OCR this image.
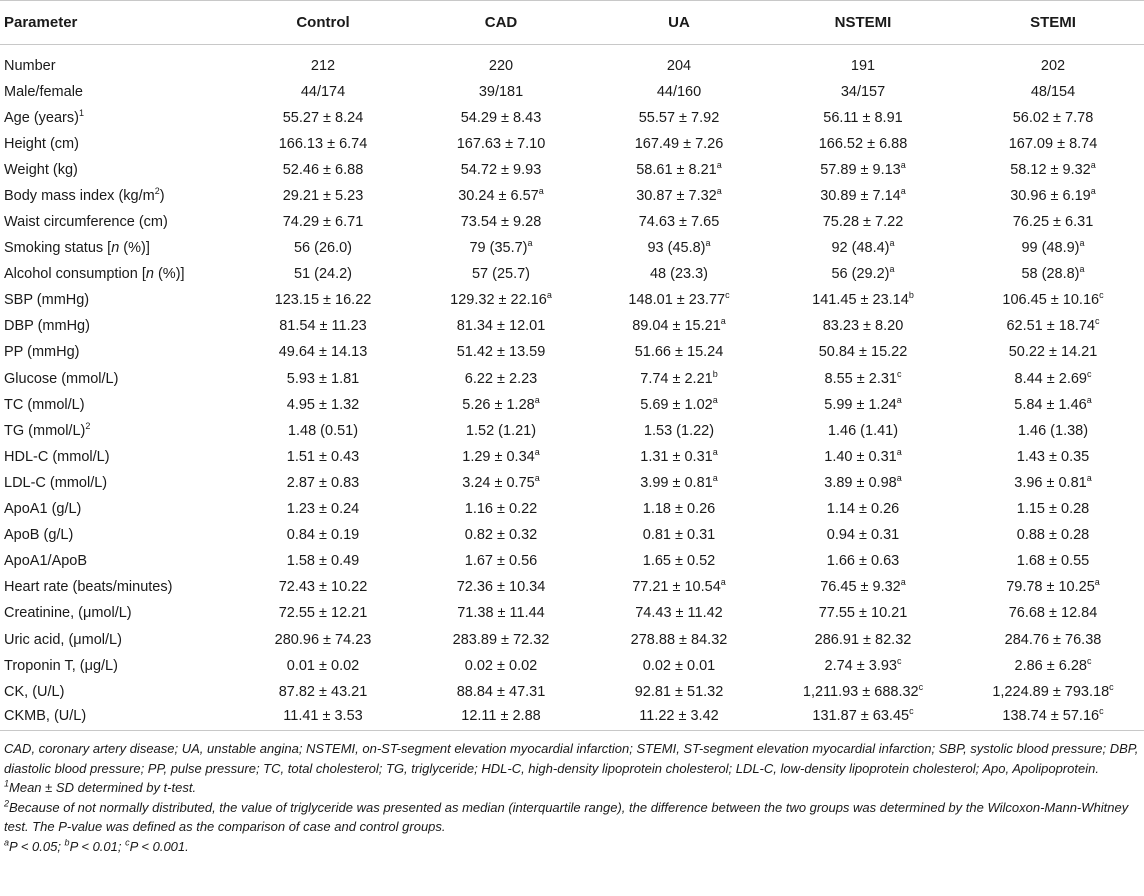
Parameter	Control	CAD	UA	NSTEMI	STEMI
Number	212	220	204	191	202
Male/female	44/174	39/181	44/160	34/157	48/154
Age (years)$^1$	55.27 ± 8.24	54.29 ± 8.43	55.57 ± 7.92	56.11 ± 8.91	56.02 ± 7.78
Height (cm)	166.13 ± 6.74	167.63 ± 7.10	167.49 ± 7.26	166.52 ± 6.88	167.09 ± 8.74
Weight (kg)	52.46 ± 6.88	54.72 ± 9.93	58.61 ± 8.21$^a$	57.89 ± 9.13$^a$	58.12 ± 9.32$^a$
Body mass index $(kg/m^2)$	29.21 ± 5.23	30.24 ± 6.57$^a$	30.87 ± 7.32$^a$	30.89 ± 7.14$^a$	30.96 ± 6.19$^a$
Waist circumference (cm)	74.29 ± 6.71	73.54 ± 9.28	74.63 ± 7.65	75.28 ± 7.22	76.25 ± 6.31
Smoking status [n (%)]	56 (26.0)	79 $(35.7)^a$	93 $(45.8)^a$	92 $(48.4)^a$	99 $(48.9)^a$
Alcohol consumption [n (%)]	51 (24.2)	57 (25.7)	48 (23.3)	56 $(29.2)^a$	58 $(28.8)^a$
SBP (mmHg)	123.15 ± 16.22	129.32 ± 22.16$^a$	148.01 ± 23.77$^c$	141.45 ± 23.14$^b$	106.45 ± 10.16$^c$
DBP (mmHg)	81.54 ± 11.23	81.34 ± 12.01	89.04 ± 15.21$^a$	83.23 ± 8.20	62.51 ± 18.74$^c$
PP (mmHg)	49.64 ± 14.13	51.42 ± 13.59	51.66 ± 15.24	50.84 ± 15.22	50.22 ± 14.21
Glucose (mmol/L)	5.93 ± 1.81	6.22 ± 2.23	7.74 ± 2.21$^b$	8.55 ± 2.31$^c$	8.44 ± 2.69$^c$
TC (mmol/L)	4.95 ± 1.32	5.26 ± 1.28$^a$	5.69 ± 1.02$^a$	5.99 ± 1.24$^a$	5.84 ± 1.46$^a$
TG (mmol/L)$^2$	1.48 (0.51)	1.52 (1.21)	1.53 (1.22)	1.46 (1.41)	1.46 (1.38)
HDL-C (mmol/L)	1.51 ± 0.43	1.29 ± 0.34$^a$	1.31 ± 0.31$^a$	1.40 ± 0.31$^a$	1.43 ± 0.35
LDL-C (mmol/L)	2.87 ± 0.83	3.24 ± 0.75$^a$	3.99 ± 0.81$^a$	3.89 ± 0.98$^a$	3.96 ± 0.81$^a$
ApoA1 (g/L)	1.23 ± 0.24	1.16 ± 0.22	1.18 ± 0.26	1.14 ± 0.26	1.15 ± 0.28
ApoB (g/L)	0.84 ± 0.19	0.82 ± 0.32	0.81 ± 0.31	0.94 ± 0.31	0.88 ± 0.28
ApoA1/ApoB	1.58 ± 0.49	1.67 ± 0.56	1.65 ± 0.52	1.66 ± 0.63	1.68 ± 0.55
Heart rate (beats/minutes)	72.43 ± 10.22	72.36 ± 10.34	77.21 ± 10.54$^a$	76.45 ± 9.32$^a$	79.78 ± 10.25$^a$
Creatinine, (μmol/L)	72.55 ± 12.21	71.38 ± 11.44	74.43 ± 11.42	77.55 ± 10.21	76.68 ± 12.84
Uric acid, (μmol/L)	280.96 ± 74.23	283.89 ± 72.32	278.88 ± 84.32	286.91 ± 82.32	284.76 ± 76.38
Troponin T, (μg/L)	0.01 ± 0.02	0.02 ± 0.02	0.02 ± 0.01	2.74 ± 3.93$^c$	2.86 ± 6.28$^c$
CK, (U/L)	87.82 ± 43.21	88.84 ± 47.31	92.81 ± 51.32	1,211.93 ± 688.32$^c$	1,224.89 ± 793.18$^c$
CKMB, (U/L)	11.41 ± 3.53	12.11 ± 2.88	11.22 ± 3.42	131.87 ± 63.45$^c$	138.74 ± 57.16$^c$

CAD, coronary artery disease; UA, unstable angina; NSTEMI, on-ST-segment elevation myocardial infarction; STEMI, ST-segment elevation myocardial infarction; SBP, systolic blood pressure; DBP, diastolic blood pressure; PP, pulse pressure; TC, total cholesterol; TG, triglyceride; HDL-C, high-density lipoprotein cholesterol; LDL-C, low-density lipoprotein cholesterol; Apo, Apolipoprotein.

$^1$Mean ± SD determined by t-test.

$^2$Because of not normally distributed, the value of triglyceride was presented as median (interquartile range), the difference between the two groups was determined by the Wilcoxon-Mann-Whitney test. The P-value was defined as the comparison of case and control groups.

$^a$P < 0.05; $^b$P < 0.01; $^c$P < 0.001.
